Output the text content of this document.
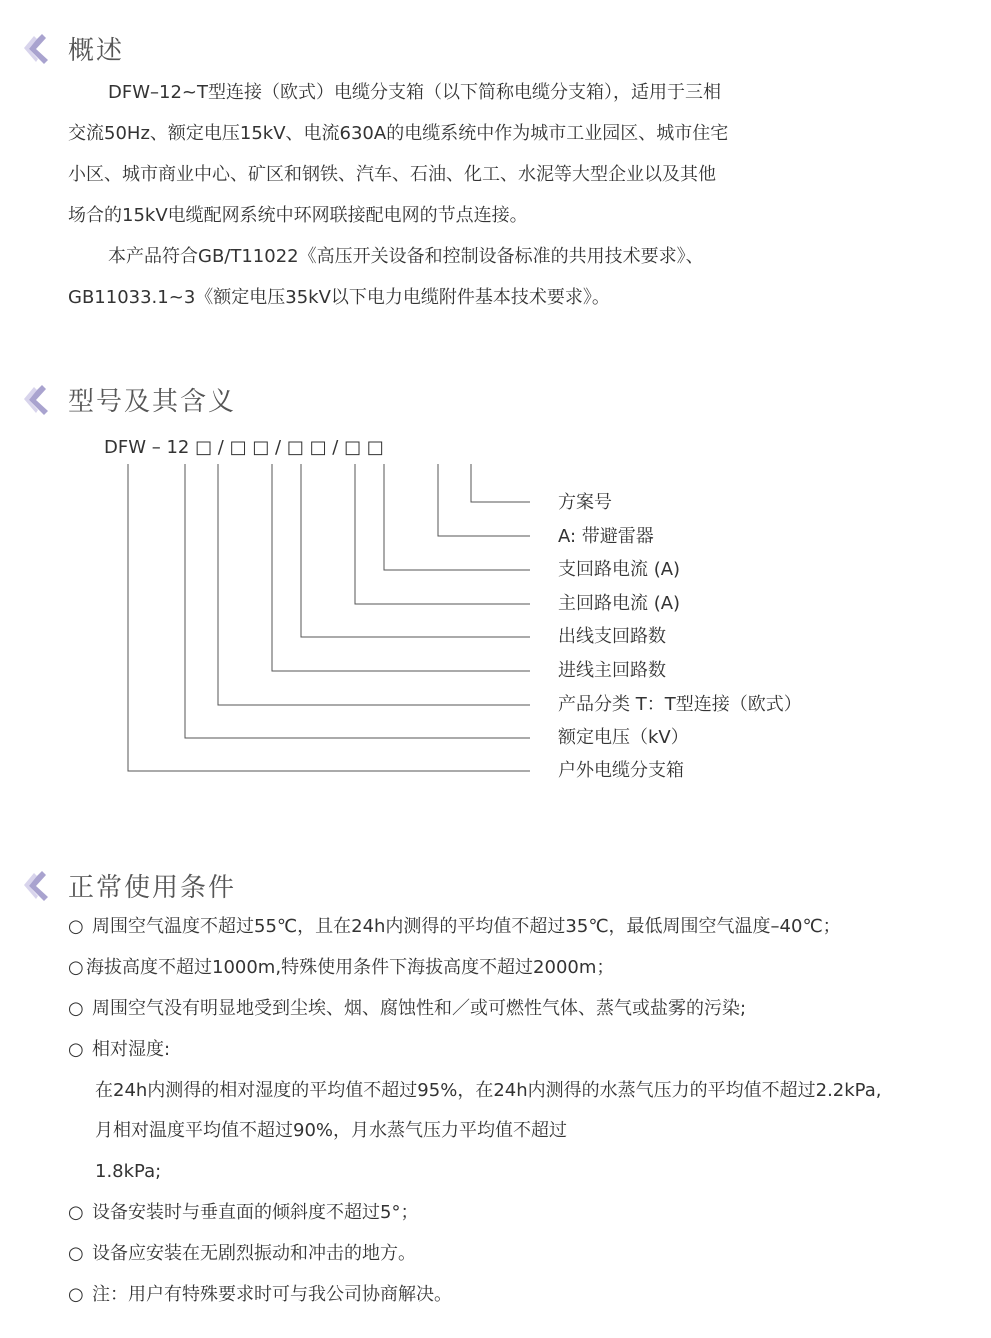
概述
DFW–12~T型连接（欧式）电缆分支箱（以下简称电缆分支箱），适用于三相
交流50Hz、额定电压15kV、电流630A的电缆系统中作为城市工业园区、城市住宅
小区、城市商业中心、矿区和钢铁、汽车、石油、化工、水泥等大型企业以及其他
场合的15kV电缆配网系统中环网联接配电网的节点连接。
本产品符合GB/T11022《高压开关设备和控制设备标准的共用技术要求》、
GB11033.1~3《额定电压35kV以下电力电缆附件基本技术要求》。
型号及其含义
DFW – 12 □ / □ □ / □ □ / □ □
方案号
A: 带避雷器
支回路电流 (A)
主回路电流 (A)
出线支回路数
进线主回路数
产品分类 T：T型连接（欧式）
额定电压（kV）
户外电缆分支箱
正常使用条件
○ 周围空气温度不超过55℃，且在24h内测得的平均值不超过35℃，最低周围空气温度–40℃；
○ 海拔高度不超过1000m,特殊使用条件下海拔高度不超过2000m；
○ 周围空气没有明显地受到尘埃、烟、腐蚀性和／或可燃性气体、蒸气或盐雾的污染;
○ 相对湿度:
在24h内测得的相对湿度的平均值不超过95%，在24h内测得的水蒸气压力的平均值不超过2.2kPa,
月相对温度平均值不超过90%，月水蒸气压力平均值不超过
1.8kPa;
○ 设备安装时与垂直面的倾斜度不超过5°；
○ 设备应安装在无剧烈振动和冲击的地方。
○ 注：用户有特殊要求时可与我公司协商解决。
